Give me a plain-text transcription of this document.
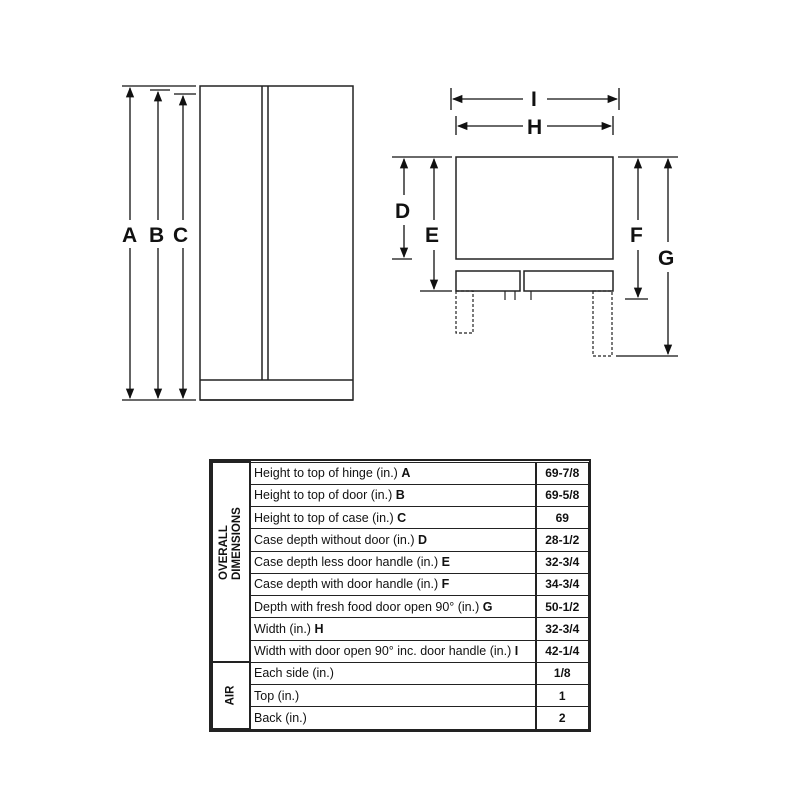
A B C
I
H
D
E	F
G
OVERALL
DIMENSIONS	Height to top of hinge (in.) A	69-7/8
	Height to top of door (in.) B	69-5/8
	Height to top of case (in.) C	69
	Case depth without door (in.) D	28-1/2
	Case depth less door handle (in.) E	32-3/4
	Case depth with door handle (in.) F	34-3/4
	Depth with fresh food door open 90° (in.) G	50-1/2
	Width (in.) H	32-3/4
	Width with door open 90° inc. door handle (in.) I	42-1/4

AIR	Each side (in.)	1/8
	Top (in.)	1
	Back (in.)	2
